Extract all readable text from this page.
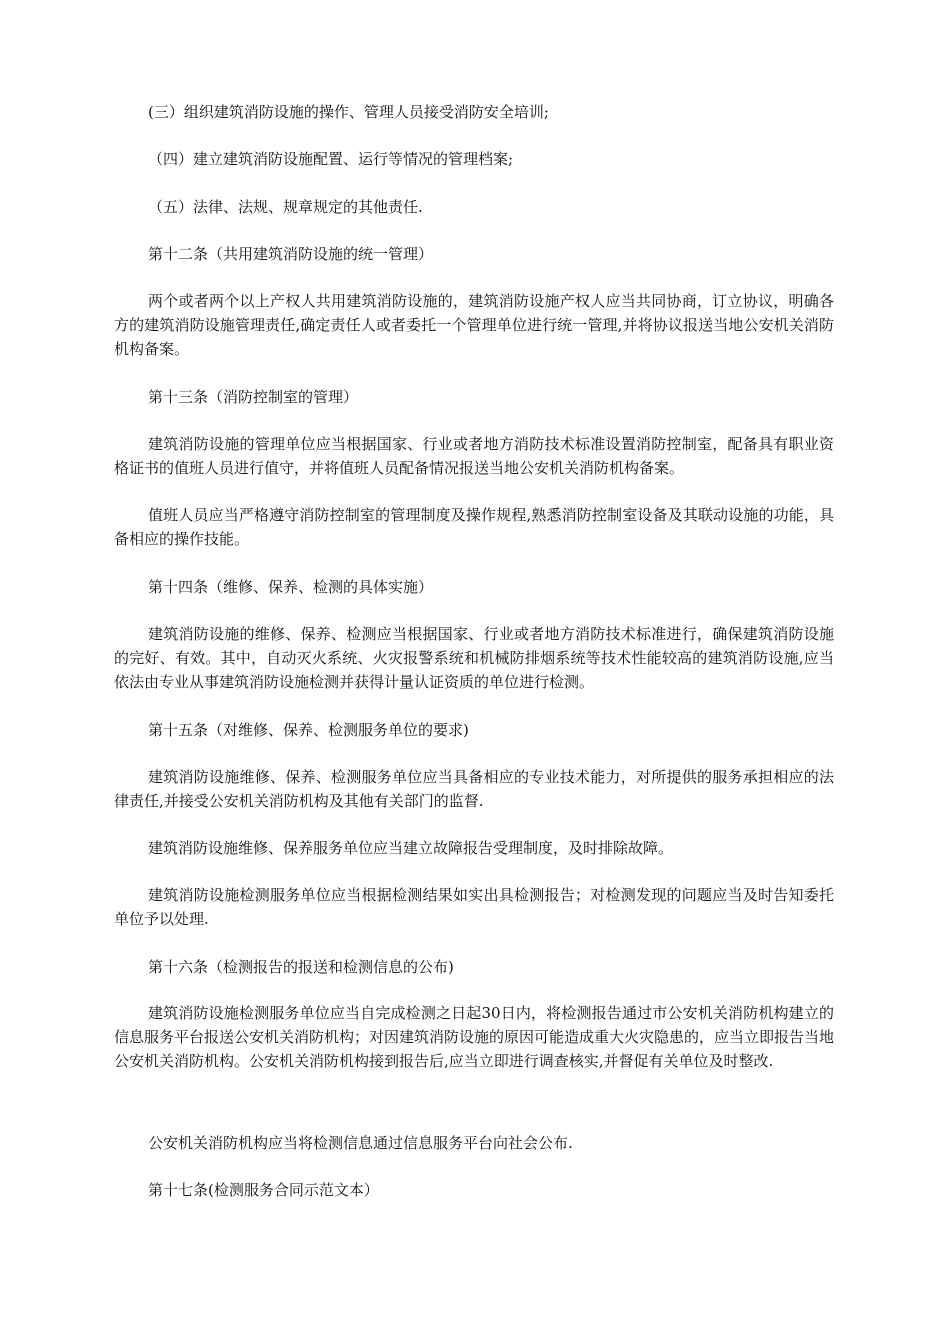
(三）组织建筑消防设施的操作、管理人员接受消防安全培训;

（四）建立建筑消防设施配置、运行等情况的管理档案;

（五）法律、法规、规章规定的其他责任.

第十二条（共用建筑消防设施的统一管理）

两个或者两个以上产权人共用建筑消防设施的，建筑消防设施产权人应当共同协商，订立协议，明确各方的建筑消防设施管理责任,确定责任人或者委托一个管理单位进行统一管理,并将协议报送当地公安机关消防机构备案。

第十三条（消防控制室的管理）

建筑消防设施的管理单位应当根据国家、行业或者地方消防技术标准设置消防控制室，配备具有职业资格证书的值班人员进行值守，并将值班人员配备情况报送当地公安机关消防机构备案。

值班人员应当严格遵守消防控制室的管理制度及操作规程,熟悉消防控制室设备及其联动设施的功能，具备相应的操作技能。

第十四条（维修、保养、检测的具体实施）

建筑消防设施的维修、保养、检测应当根据国家、行业或者地方消防技术标准进行，确保建筑消防设施的完好、有效。其中，自动灭火系统、火灾报警系统和机械防排烟系统等技术性能较高的建筑消防设施,应当依法由专业从事建筑消防设施检测并获得计量认证资质的单位进行检测。

第十五条（对维修、保养、检测服务单位的要求)

建筑消防设施维修、保养、检测服务单位应当具备相应的专业技术能力，对所提供的服务承担相应的法律责任,并接受公安机关消防机构及其他有关部门的监督.

建筑消防设施维修、保养服务单位应当建立故障报告受理制度，及时排除故障。

建筑消防设施检测服务单位应当根据检测结果如实出具检测报告；对检测发现的问题应当及时告知委托单位予以处理.

第十六条（检测报告的报送和检测信息的公布)

建筑消防设施检测服务单位应当自完成检测之日起30日内，将检测报告通过市公安机关消防机构建立的信息服务平台报送公安机关消防机构；对因建筑消防设施的原因可能造成重大火灾隐患的，应当立即报告当地公安机关消防机构。公安机关消防机构接到报告后,应当立即进行调查核实,并督促有关单位及时整改.

公安机关消防机构应当将检测信息通过信息服务平台向社会公布.

第十七条(检测服务合同示范文本）
